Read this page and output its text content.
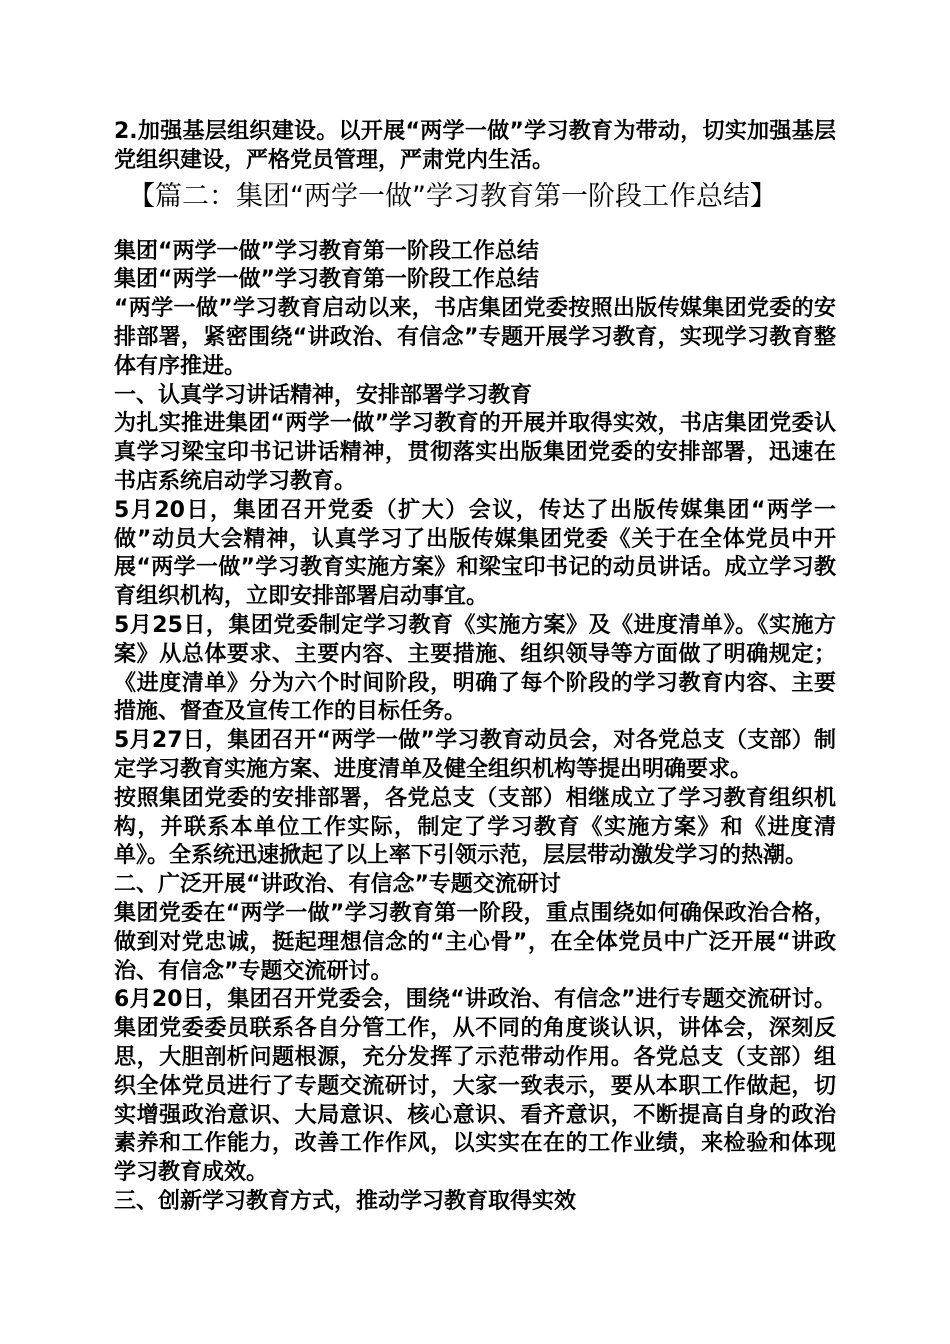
2.加强基层组织建设。以开展“两学一做”学习教育为带动，切实加强基层党组织建设，严格党员管理，严肃党内生活。

【篇二：集团“两学一做”学习教育第一阶段工作总结】

集团“两学一做”学习教育第一阶段工作总结

集团“两学一做”学习教育第一阶段工作总结

“两学一做”学习教育启动以来，书店集团党委按照出版传媒集团党委的安排部署，紧密围绕“讲政治、有信念”专题开展学习教育，实现学习教育整体有序推进。

一、认真学习讲话精神，安排部署学习教育

为扎实推进集团“两学一做”学习教育的开展并取得实效，书店集团党委认真学习梁宝印书记讲话精神，贯彻落实出版集团党委的安排部署，迅速在书店系统启动学习教育。

5月20日，集团召开党委（扩大）会议，传达了出版传媒集团“两学一做”动员大会精神，认真学习了出版传媒集团党委《关于在全体党员中开展“两学一做”学习教育实施方案》和梁宝印书记的动员讲话。成立学习教育组织机构，立即安排部署启动事宜。

5月25日，集团党委制定学习教育《实施方案》及《进度清单》。《实施方案》从总体要求、主要内容、主要措施、组织领导等方面做了明确规定；《进度清单》分为六个时间阶段，明确了每个阶段的学习教育内容、主要措施、督查及宣传工作的目标任务。

5月27日，集团召开“两学一做”学习教育动员会，对各党总支（支部）制定学习教育实施方案、进度清单及健全组织机构等提出明确要求。

按照集团党委的安排部署，各党总支（支部）相继成立了学习教育组织机构，并联系本单位工作实际，制定了学习教育《实施方案》和《进度清单》。全系统迅速掀起了以上率下引领示范，层层带动激发学习的热潮。

二、广泛开展“讲政治、有信念”专题交流研讨

集团党委在“两学一做”学习教育第一阶段，重点围绕如何确保政治合格，做到对党忠诚，挺起理想信念的“主心骨”，在全体党员中广泛开展“讲政治、有信念”专题交流研讨。

6月20日，集团召开党委会，围绕“讲政治、有信念”进行专题交流研讨。集团党委委员联系各自分管工作，从不同的角度谈认识，讲体会，深刻反思，大胆剖析问题根源，充分发挥了示范带动作用。各党总支（支部）组织全体党员进行了专题交流研讨，大家一致表示，要从本职工作做起，切实增强政治意识、大局意识、核心意识、看齐意识，不断提高自身的政治素养和工作能力，改善工作作风，以实实在在的工作业绩，来检验和体现学习教育成效。

三、创新学习教育方式，推动学习教育取得实效
